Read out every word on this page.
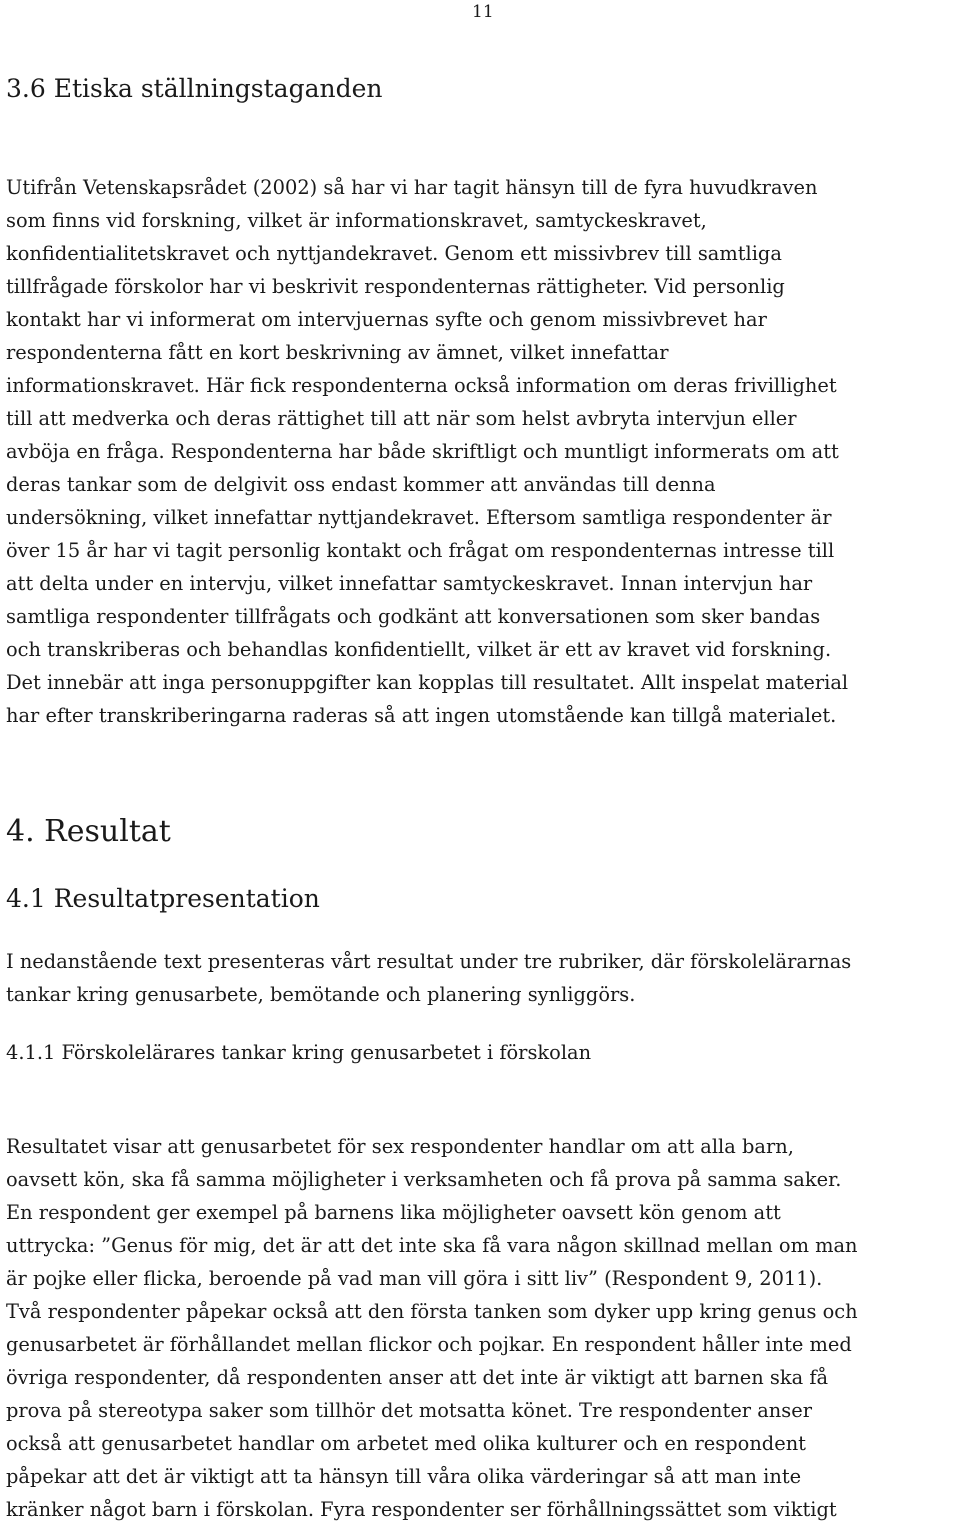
11
3.6 Etiska ställningstaganden

Utifrån Vetenskapsrådet (2002) så har vi har tagit hänsyn till de fyra huvudkraven

som finns vid forskning, vilket är informationskravet, samtyckeskravet,

konfidentialitetskravet och nyttjandekravet. Genom ett missivbrev till samtliga

tillfrågade förskolor har vi beskrivit respondenternas rättigheter. Vid personlig

kontakt har vi informerat om intervjuernas syfte och genom missivbrevet har

respondenterna fått en kort beskrivning av ämnet, vilket innefattar

informationskravet. Här fick respondenterna också information om deras frivillighet

till att medverka och deras rättighet till att när som helst avbryta intervjun eller

avböja en fråga. Respondenterna har både skriftligt och muntligt informerats om att

deras tankar som de delgivit oss endast kommer att användas till denna

undersökning, vilket innefattar nyttjandekravet. Eftersom samtliga respondenter är

över 15 år har vi tagit personlig kontakt och frågat om respondenternas intresse till

att delta under en intervju, vilket innefattar samtyckeskravet. Innan intervjun har

samtliga respondenter tillfrågats och godkänt att konversationen som sker bandas

och transkriberas och behandlas konfidentiellt, vilket är ett av kravet vid forskning.

Det innebär att inga personuppgifter kan kopplas till resultatet. Allt inspelat material

har efter transkriberingarna raderas så att ingen utomstående kan tillgå materialet.

4. Resultat
4.1 Resultatpresentation

I nedanstående text presenteras vårt resultat under tre rubriker, där förskolelärarnas

tankar kring genusarbete, bemötande och planering synliggörs.

4.1.1 Förskolelärares tankar kring genusarbetet i förskolan

Resultatet visar att genusarbetet för sex respondenter handlar om att alla barn,

oavsett kön, ska få samma möjligheter i verksamheten och få prova på samma saker.

En respondent ger exempel på barnens lika möjligheter oavsett kön genom att

uttrycka: ”Genus för mig, det är att det inte ska få vara någon skillnad mellan om man

är pojke eller flicka, beroende på vad man vill göra i sitt liv” (Respondent 9, 2011).

Två respondenter påpekar också att den första tanken som dyker upp kring genus och

genusarbetet är förhållandet mellan flickor och pojkar. En respondent håller inte med

övriga respondenter, då respondenten anser att det inte är viktigt att barnen ska få

prova på stereotypa saker som tillhör det motsatta könet. Tre respondenter anser

också att genusarbetet handlar om arbetet med olika kulturer och en respondent

påpekar att det är viktigt att ta hänsyn till våra olika värderingar så att man inte

kränker något barn i förskolan. Fyra respondenter ser förhållningssättet som viktigt
